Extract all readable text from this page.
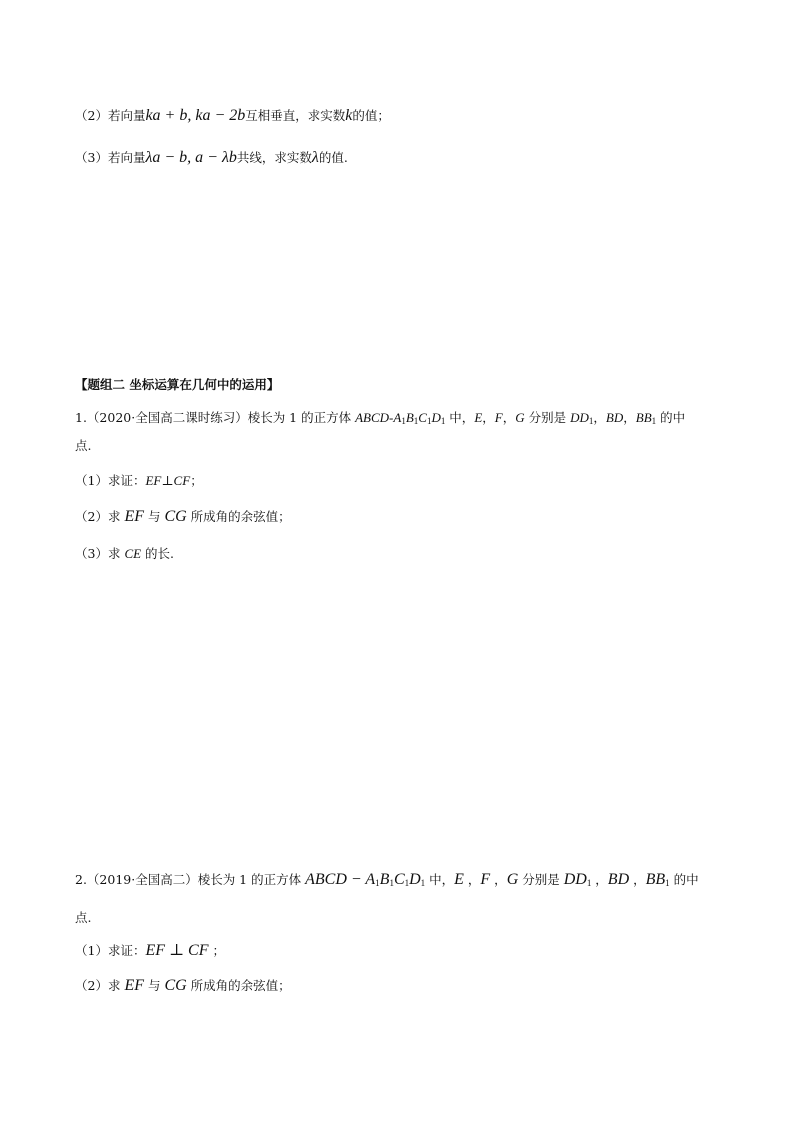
（2）若向量ka + b, ka − 2b互相垂直，求实数k的值；
（3）若向量λa − b, a − λb共线，求实数λ的值.
【题组二 坐标运算在几何中的运用】
1.（2020·全国高二课时练习）棱长为 1 的正方体 ABCD-$A_1B_1C_1D_1$ 中，E，F，G 分别是 $DD_1$，BD，$BB_1$ 的中
点.
（1）求证：EF⊥CF；
（2）求 EF 与 CG 所成角的余弦值；
（3）求 CE 的长.
2.（2019·全国高二）棱长为 1 的正方体 ABCD − $A_1B_1C_1D_1$ 中，E ，F ，G 分别是 $DD_1$ ，BD ，$BB_1$ 的中
点.
（1）求证：EF ⊥ CF ；
（2）求 EF 与 CG 所成角的余弦值；
